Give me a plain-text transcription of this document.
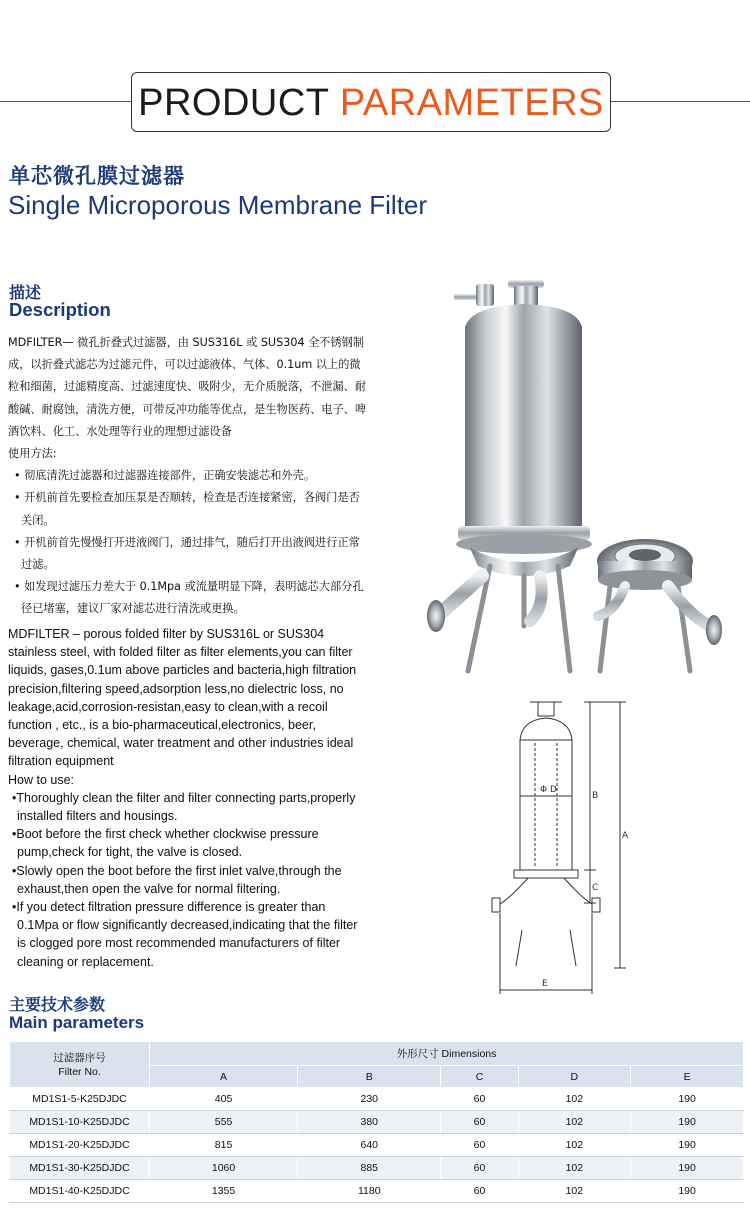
PRODUCT PARAMETERS
单芯微孔膜过滤器
Single Microporous Membrane Filter
描述
Description

MDFILTER— 微孔折叠式过滤器，由 SUS316L 或 SUS304 全不锈钢制成，以折叠式滤芯为过滤元件，可以过滤液体、气体、0.1um 以上的微粒和细菌，过滤精度高、过滤速度快、吸附少，无介质脱落，不泄漏、耐酸碱、耐腐蚀，清洗方便，可带反冲功能等优点，是生物医药、电子、啤酒饮料、化工、水处理等行业的理想过滤设备

使用方法:

• 彻底清洗过滤器和过滤器连接部件，正确安装滤芯和外壳。

• 开机前首先要检查加压泵是否顺转，检查是否连接紧密，各阀门是否关闭。

• 开机前首先慢慢打开进液阀门，通过排气，随后打开出液阀进行正常过滤。

• 如发现过滤压力差大于 0.1Mpa 或流量明显下降，表明滤芯大部分孔径已堵塞，建议厂家对滤芯进行清洗或更换。

MDFILTER – porous folded filter by SUS316L or SUS304 stainless steel, with folded filter as filter elements,you can filter liquids, gases,0.1um above particles and bacteria,high filtration precision,filtering speed,adsorption less,no dielectric loss, no leakage,acid,corrosion-resistan,easy to clean,with a recoil function , etc., is a bio-pharmaceutical,electronics, beer, beverage, chemical, water treatment and other industries ideal filtration equipment

How to use:

•Thoroughly clean the filter and filter connecting parts,properly installed filters and housings.

•Boot before the first check whether clockwise pressure pump,check for tight, the valve is closed.

•Slowly open the boot before the first inlet valve,through the exhaust,then open the valve for normal filtering.

•If you detect filtration pressure difference is greater than 0.1Mpa or flow significantly decreased,indicating that the filter is clogged pore most recommended manufacturers of filter cleaning or replacement.

Φ D
B
A
C
E
主要技术参数
Main parameters
过滤器序号
Filter No.	外形尺寸 Dimensions				
	A	B	C	D	E
MD1S1-5-K25DJDC	405	230	60	102	190
MD1S1-10-K25DJDC	555	380	60	102	190
MD1S1-20-K25DJDC	815	640	60	102	190
MD1S1-30-K25DJDC	1060	885	60	102	190
MD1S1-40-K25DJDC	1355	1180	60	102	190
